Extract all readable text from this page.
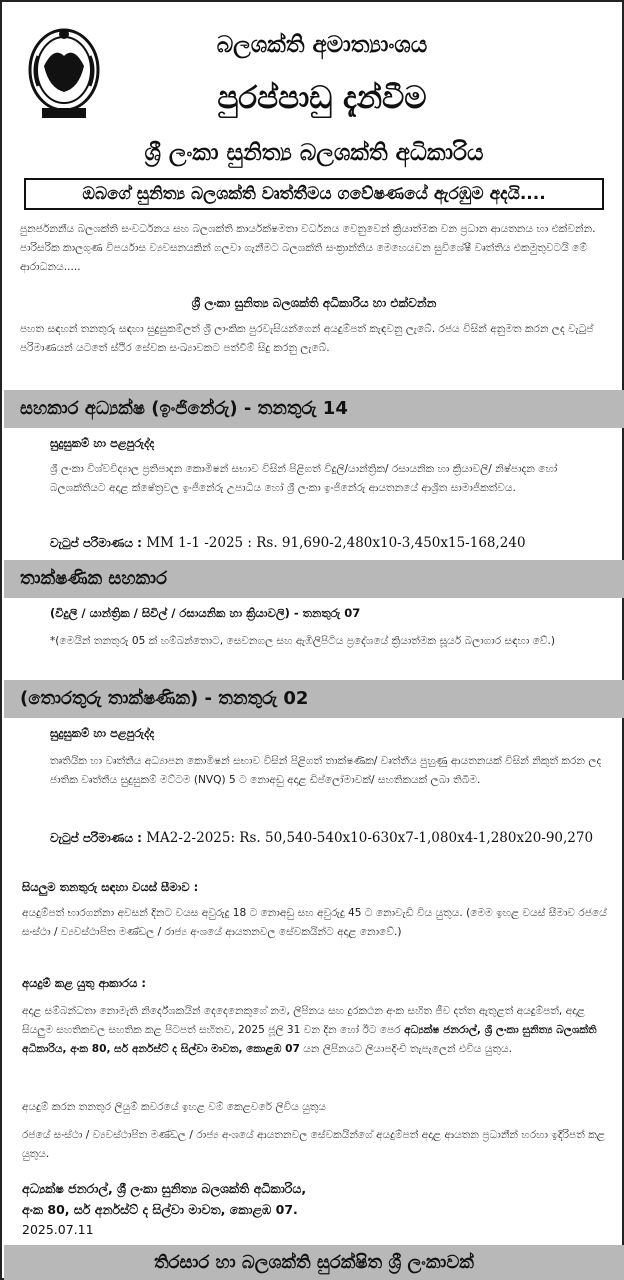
බලශක්ති අමාත්‍යාංශය
පුරප්පාඩු දැන්වීම
ශ්‍රී ලංකා සුනිත්‍ය බලශක්ති අධිකාරිය
ඔබගේ සුනිත්‍ය බලශක්ති වෘත්තීමය ගවේෂණයේ ඇරඹුම අදයි....
පුනර්ජනනීය බලශක්ති සංවර්ධනය සහ බලශක්ති කාර්යක්ෂමතා වර්ධනය වෙනුවෙන් ක්‍රියාත්මක වන ප්‍රධාන ආයතනය හා එක්වන්න. පාරිසරික කාලගුණ විපර්යාස ව්‍යවසනයකින් ගලවා ගැනීමට බලශක්ති සංක්‍රාන්තිය මෙහෙයවන සුවිශේෂී වෘත්තිය එකමුතුවටයි මේ ආරාධනය.....
ශ්‍රී ලංකා සුනිත්‍ය බලශක්ති අධිකාරිය හා එක්වන්න
පහත සඳහන් තනතුරු සඳහා සුදුසුකම්ලත් ශ්‍රී ලාංකික පුරවැසියන්ගෙන් අයදුම්පත් කැඳවනු ලැබේ. රජය විසින් අනුමත කරන ලද වැටුප් පරිමාණයන් යටතේ ස්ථිර සේවක සංඛ්‍යාවකට පත්වීම් සිදු කරනු ලැබේ.
සහකාර අධ්‍යක්ෂ (ඉංජිනේරු) - තනතුරු 14
සුදුසුකම් හා පළපුරුද්ද
ශ්‍රී ලංකා විශ්වවිද්‍යාල ප්‍රතිපාදන කොමිෂන් සභාව විසින් පිළිගත් විදුලි/යාන්ත්‍රික/ රසායනික හා ක්‍රියාවලි/ නිෂ්පාදන හෝ බලශක්තියට අදාළ ක්ෂේත්‍රවල ඉංජිනේරු උපාධිය හෝ ශ්‍රී ලංකා ඉංජිනේරු ආයතනයේ ආශ්‍රිත සාමාජිකත්වය.
වැටුප් පරිමාණය : MM 1-1 -2025 : Rs. 91,690-2,480x10-3,450x15-168,240
තාක්ෂණික සහකාර
(විදුලි / යාන්ත්‍රික / සිවිල් / රසායනික හා ක්‍රියාවලි) - තනතුරු 07
*(මෙයින් තනතුරු 05 ක් හම්බන්තොට, සෙවනගල සහ ඇඹිලිපිටිය ප්‍රදේශයේ ක්‍රියාත්මක සූර්ය බලාගාර සඳහා වේ.)
(තොරතුරු තාක්ෂණික) - තනතුරු 02
සුදුසුකම් හා පළපුරුද්ද
තෘතියික හා වෘත්තීය අධ්‍යාපන කොමිෂන් සභාව විසින් පිළිගත් තාක්ෂණික/ වෘත්තීය පුහුණු ආයතනයක් විසින් නිකුත් කරන ලද ජාතික වෘත්තීය සුදුසුකම් මට්ටම (NVQ) 5 ට නොඅඩු අදාළ ඩිප්ලෝමාවක්/ සහතිකයක් ලබා තිබීම.
වැටුප් පරිමාණය : MA2-2-2025: Rs. 50,540-540x10-630x7-1,080x4-1,280x20-90,270
සියලුම තනතුරු සඳහා වයස් සීමාව :
අයදුම්පත් භාරගන්නා අවසන් දිනට වයස අවුරුදු 18 ට නොඅඩු සහ අවුරුදු 45 ට නොවැඩි විය යුතුය. (මෙම ඉහළ වයස් සීමාව රජයේ සංස්ථා / ව්‍යවස්ථාපිත මණ්ඩල / රාජ්‍ය අංශයේ ආයතනවල සේවකයින්ට අදාළ නොවේ.)
අයදුම් කළ යුතු ආකාරය :
අදාළ සම්බන්ධතා නොමැති නිර්දේශකයින් දෙදෙනෙකුගේ නම, ලිපිනය සහ දුරකථන අංක සහිත ජීව දත්ත ඇතුළත් අයදුම්පත්, අදාළ සියලුම සහතිකවල සහතික කළ පිටපත් සහිතව, 2025 ජූලි 31 වන දින හෝ ඊට පෙර අධ්‍යක්ෂ ජනරාල්, ශ්‍රී ලංකා සුනිත්‍ය බලශක්ති අධිකාරිය, අංක 80, සර් අර්නස්ට් ද සිල්වා මාවත, කොළඹ 07 යන ලිපිනයට ලියාපදිංචි තැපැලෙන් එවිය යුතුය.
අයදුම් කරන තනතුර ලියුම් කවරයේ ඉහළ වම් කෙළවරේ ලිවිය යුතුය
රජයේ සංස්ථා / ව්‍යවස්ථාපිත මණ්ඩල / රාජ්‍ය අංශයේ ආයතනවල සේවකයින්ගේ අයදුම්පත් අදාළ ආයතන ප්‍රධානීන් හරහා ඉදිරිපත් කළ යුතුය.
අධ්‍යක්ෂ ජනරාල්, ශ්‍රී ලංකා සුනිත්‍ය බලශක්ති අධිකාරිය,
අංක 80, සර් අර්නස්ට් ද සිල්වා මාවත, කොළඹ 07.
2025.07.11
තිරසාර හා බලශක්ති සුරක්ෂිත ශ්‍රී ලංකාවක්
